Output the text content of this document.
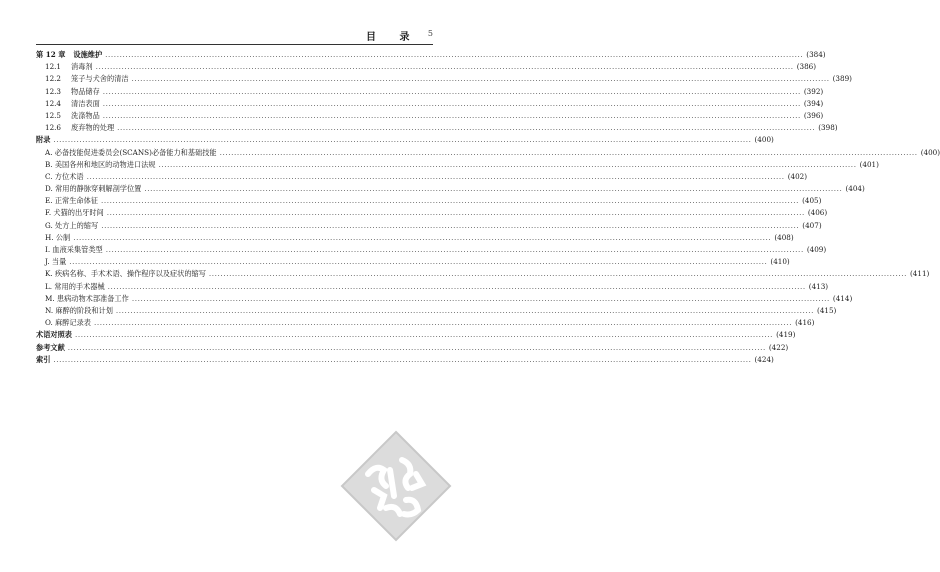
目 录 5
第 12 章 设施维护 .....	(384)
12.1 消毒剂 .....	(386)
12.2 笼子与犬舍的清洁 .....	(389)
12.3 物品储存 .....	(392)
12.4 清洁表面 .....	(394)
12.5 洗涤物品 .....	(396)
12.6 废弃物的处理 .....	(398)
附录 .....	(400)
A. 必备技能促进委员会(SCANS)必备能力和基础技能 .....	(400)
B. 美国各州和地区的动物进口法规 .....	(401)
C. 方位术语 .....	(402)
D. 常用的静脉穿刺解剖学位置 .....	(404)
E. 正常生命体征 .....	(405)
F. 犬猫的出牙时间 .....	(406)
G. 处方上的缩写 .....	(407)
H. 公制 .....	(408)
I. 血液采集管类型 .....	(409)
J. 当量 .....	(410)
K. 疾病名称、手术术语、操作程序以及症状的缩写 .....	(411)
L. 常用的手术器械 .....	(413)
M. 患病动物术部准备工作 .....	(414)
N. 麻醉的阶段和计划 .....	(415)
O. 麻醉记录表 .....	(416)
术语对照表 .....	(419)
参考文献 .....	(422)
索引 .....	(424)
